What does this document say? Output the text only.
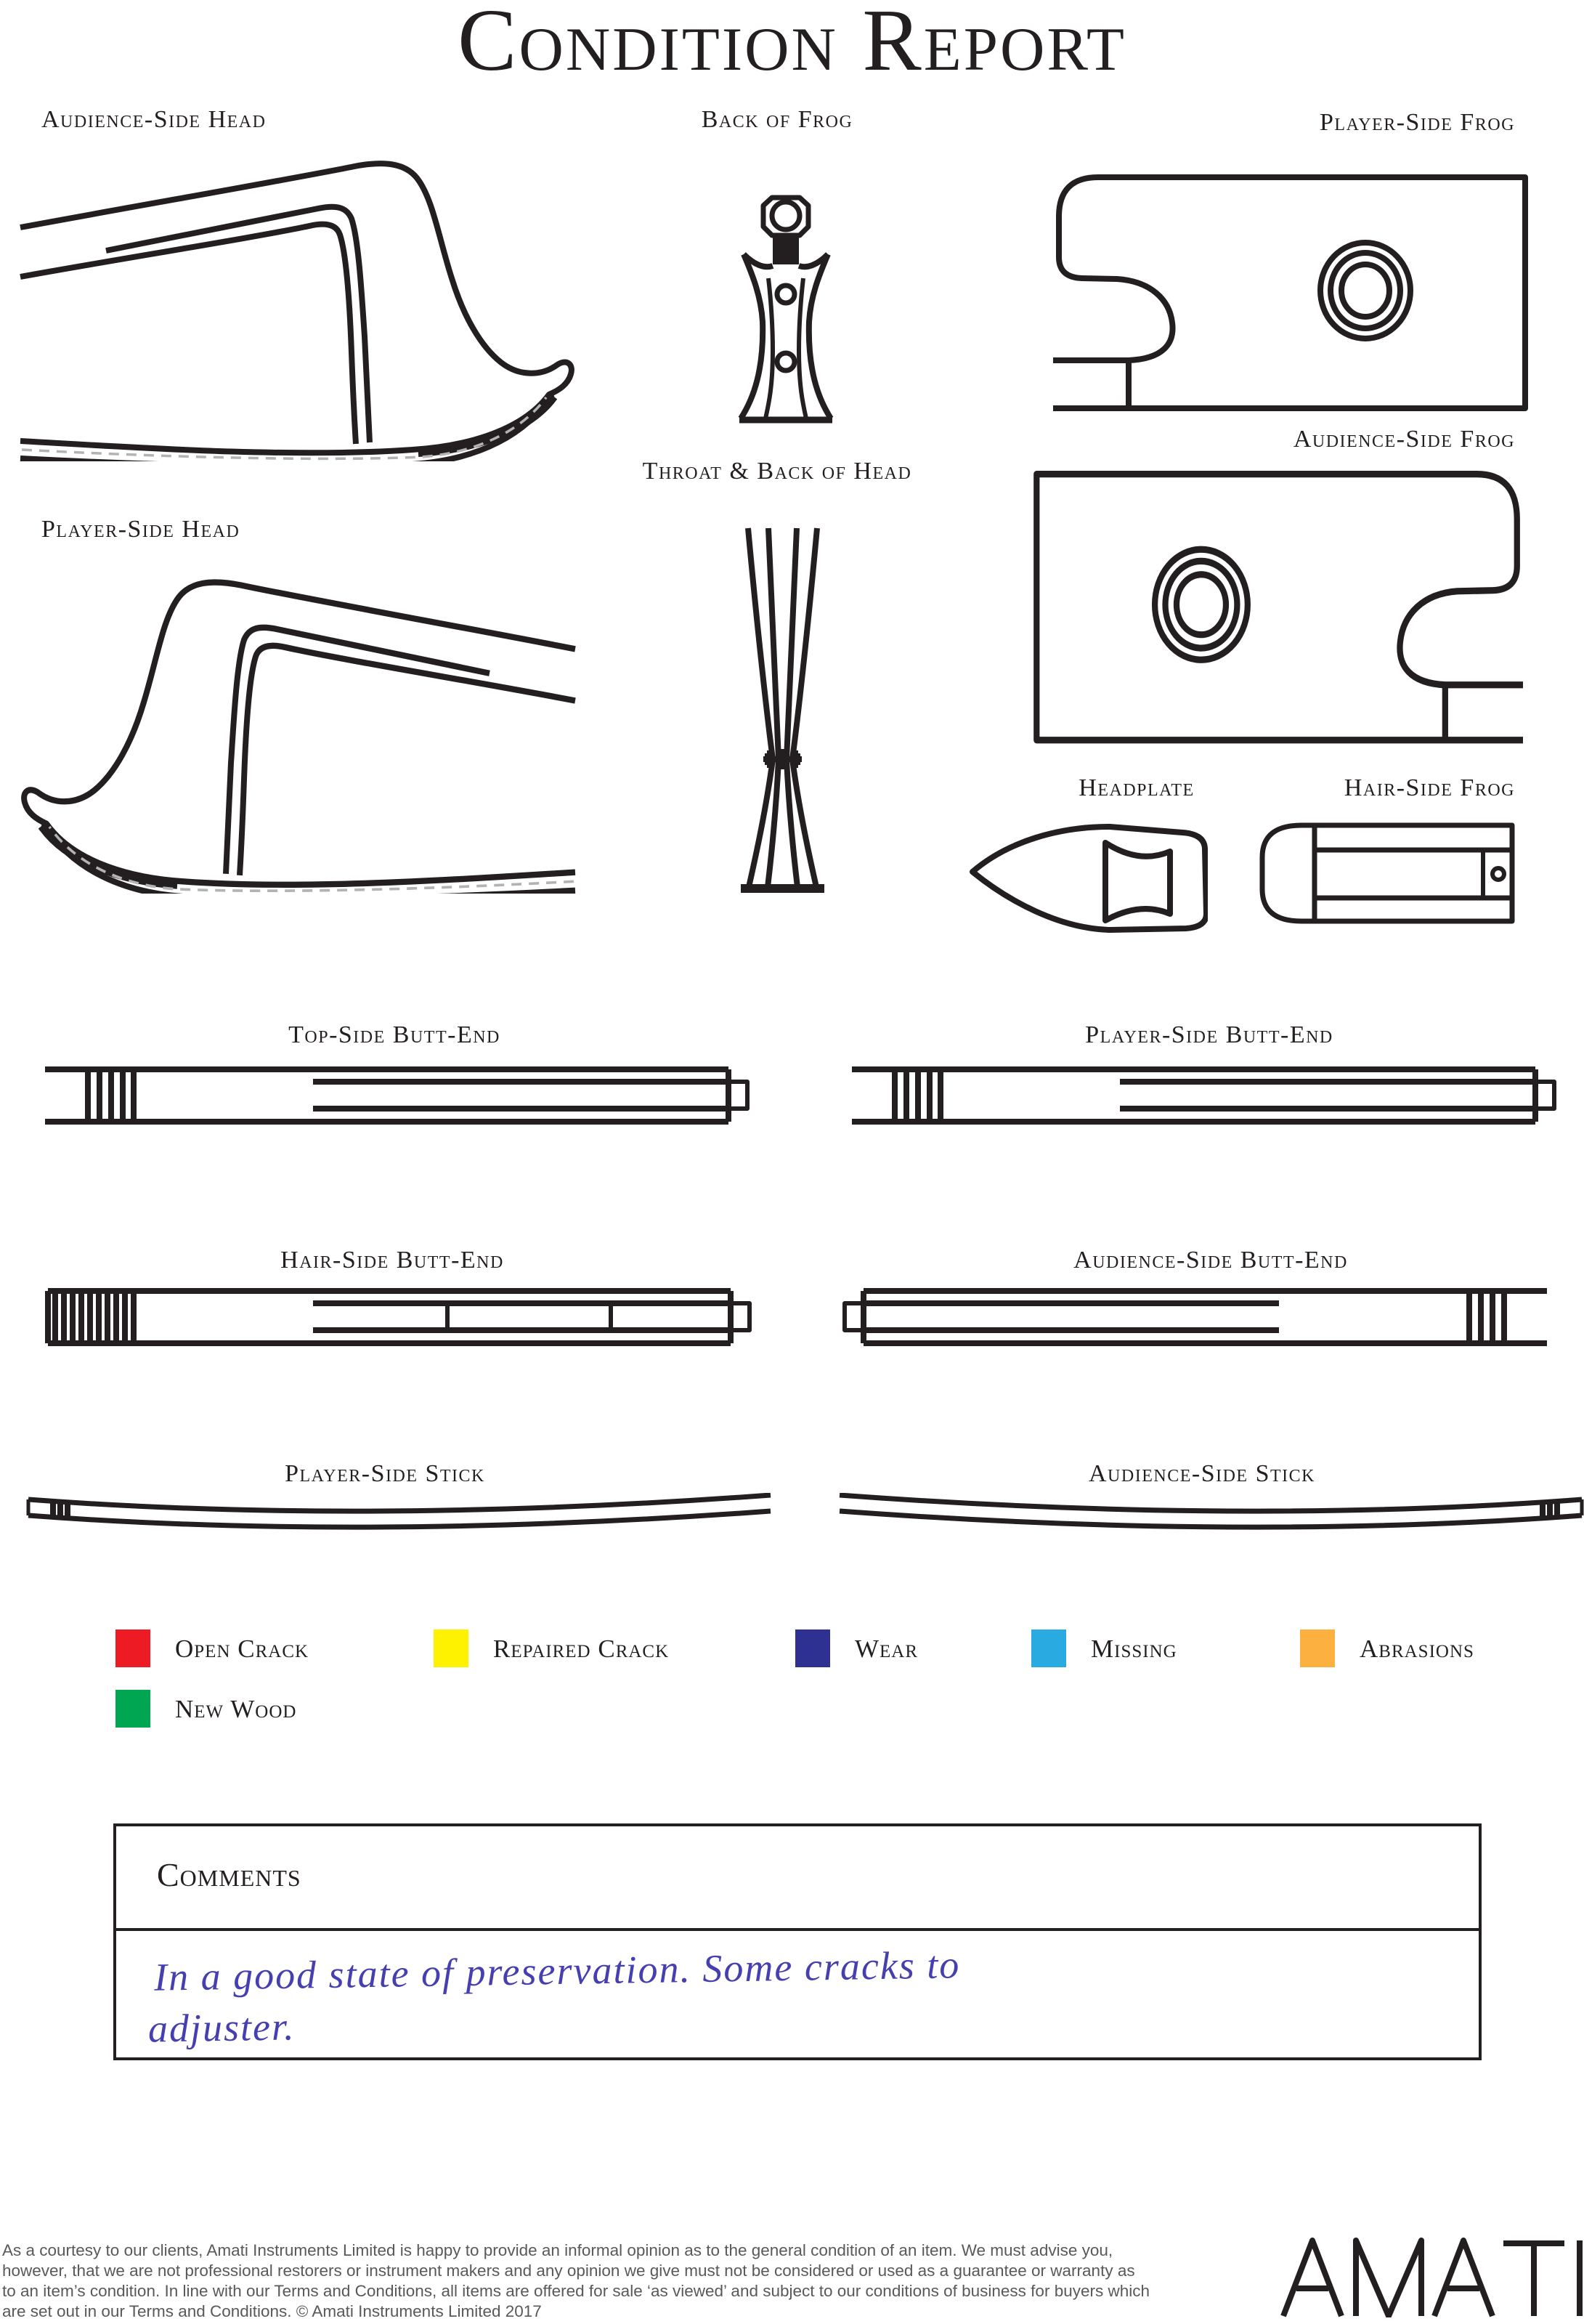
Condition Report
Audience-Side Head	Back of Frog	Player-Side Frog
Audience-Side Frog
Player-Side Head
Throat & Back of Head
Headplate	Hair-Side Frog
Top-Side Butt-End	Player-Side Butt-End
Hair-Side Butt-End	Audience-Side Butt-End
Player-Side Stick	Audience-Side Stick
Open Crack	Repaired Crack	Wear	Missing	Abrasions
New Wood
Comments
In a good state of preservation. Some cracks to
adjuster.
As a courtesy to our clients, Amati Instruments Limited is happy to provide an informal opinion as to the general condition of an item. We must advise you, however, that we are not professional restorers or instrument makers and any opinion we give must not be considered or used as a guarantee or warranty as to an item’s condition. In line with our Terms and Conditions, all items are offered for sale ‘as viewed’ and subject to our conditions of business for buyers which are set out in our Terms and Conditions. © Amati Instruments Limited 2017
